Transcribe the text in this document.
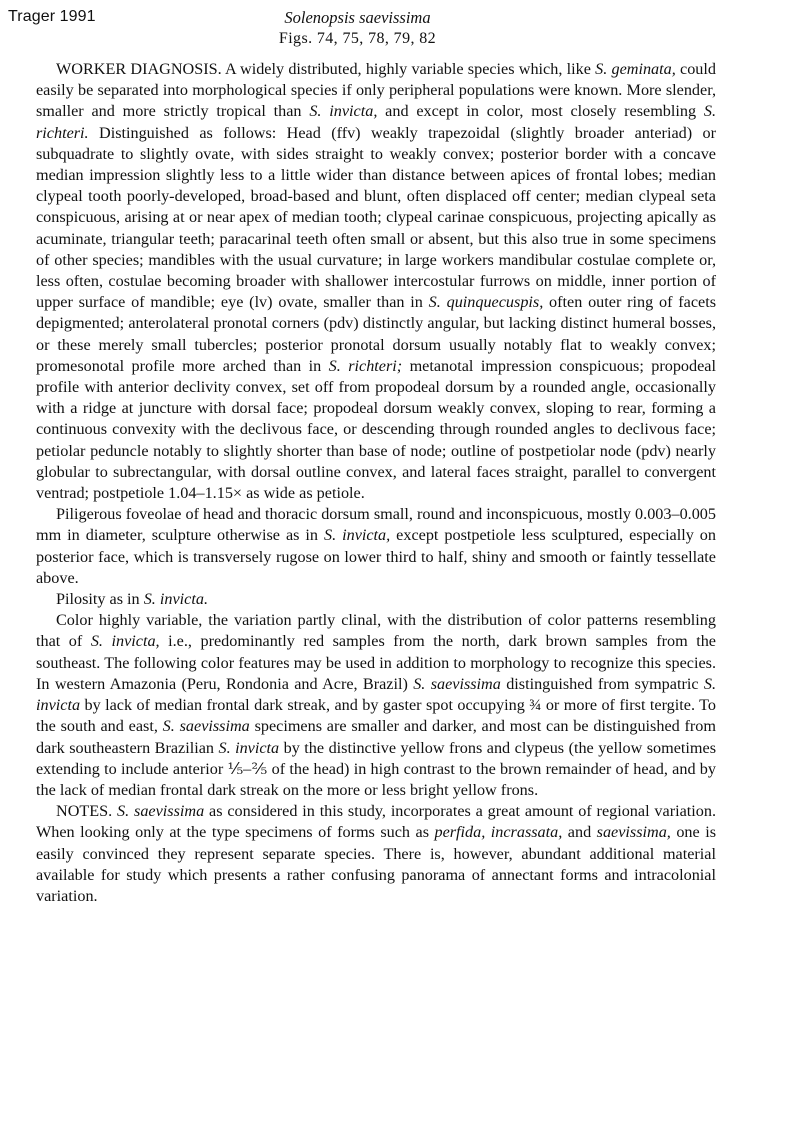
Trager 1991	Solenopsis saevissima
Figs. 74, 75, 78, 79, 82

WORKER DIAGNOSIS. A widely distributed, highly variable species which, like S. geminata, could easily be separated into morphological species if only peripheral populations were known. More slender, smaller and more strictly tropical than S. invicta, and except in color, most closely resembling S. richteri. Distinguished as follows: Head (ffv) weakly trapezoidal (slightly broader anteriad) or subquadrate to slightly ovate, with sides straight to weakly convex; posterior border with a concave median impression slightly less to a little wider than distance between apices of frontal lobes; median clypeal tooth poorly-developed, broad-based and blunt, often displaced off center; median clypeal seta conspicuous, arising at or near apex of median tooth; clypeal carinae conspicuous, projecting apically as acuminate, triangular teeth; paracarinal teeth often small or absent, but this also true in some specimens of other species; mandibles with the usual curvature; in large workers mandibular costulae complete or, less often, costulae becoming broader with shallower intercostular furrows on middle, inner portion of upper surface of mandible; eye (lv) ovate, smaller than in S. quinquecuspis, often outer ring of facets depigmented; anterolateral pronotal corners (pdv) distinctly angular, but lacking distinct humeral bosses, or these merely small tubercles; posterior pronotal dorsum usually notably flat to weakly convex; promesonotal profile more arched than in S. richteri; metanotal impression conspicuous; propodeal profile with anterior declivity convex, set off from propodeal dorsum by a rounded angle, occasionally with a ridge at juncture with dorsal face; propodeal dorsum weakly convex, sloping to rear, forming a continuous convexity with the declivous face, or descending through rounded angles to declivous face; petiolar peduncle notably to slightly shorter than base of node; outline of postpetiolar node (pdv) nearly globular to subrectangular, with dorsal outline convex, and lateral faces straight, parallel to convergent ventrad; postpetiole 1.04–1.15× as wide as petiole.

Piligerous foveolae of head and thoracic dorsum small, round and inconspicuous, mostly 0.003–0.005 mm in diameter, sculpture otherwise as in S. invicta, except postpetiole less sculptured, especially on posterior face, which is transversely rugose on lower third to half, shiny and smooth or faintly tessellate above.

Pilosity as in S. invicta.

Color highly variable, the variation partly clinal, with the distribution of color patterns resembling that of S. invicta, i.e., predominantly red samples from the north, dark brown samples from the southeast. The following color features may be used in addition to morphology to recognize this species. In western Amazonia (Peru, Rondonia and Acre, Brazil) S. saevissima distinguished from sympatric S. invicta by lack of median frontal dark streak, and by gaster spot occupying ¾ or more of first tergite. To the south and east, S. saevissima specimens are smaller and darker, and most can be distinguished from dark southeastern Brazilian S. invicta by the distinctive yellow frons and clypeus (the yellow sometimes extending to include anterior ⅕–⅖ of the head) in high contrast to the brown remainder of head, and by the lack of median frontal dark streak on the more or less bright yellow frons.

NOTES. S. saevissima as considered in this study, incorporates a great amount of regional variation. When looking only at the type specimens of forms such as perfida, incrassata, and saevissima, one is easily convinced they represent separate species. There is, however, abundant additional material available for study which presents a rather confusing panorama of annectant forms and intracolonial variation.
